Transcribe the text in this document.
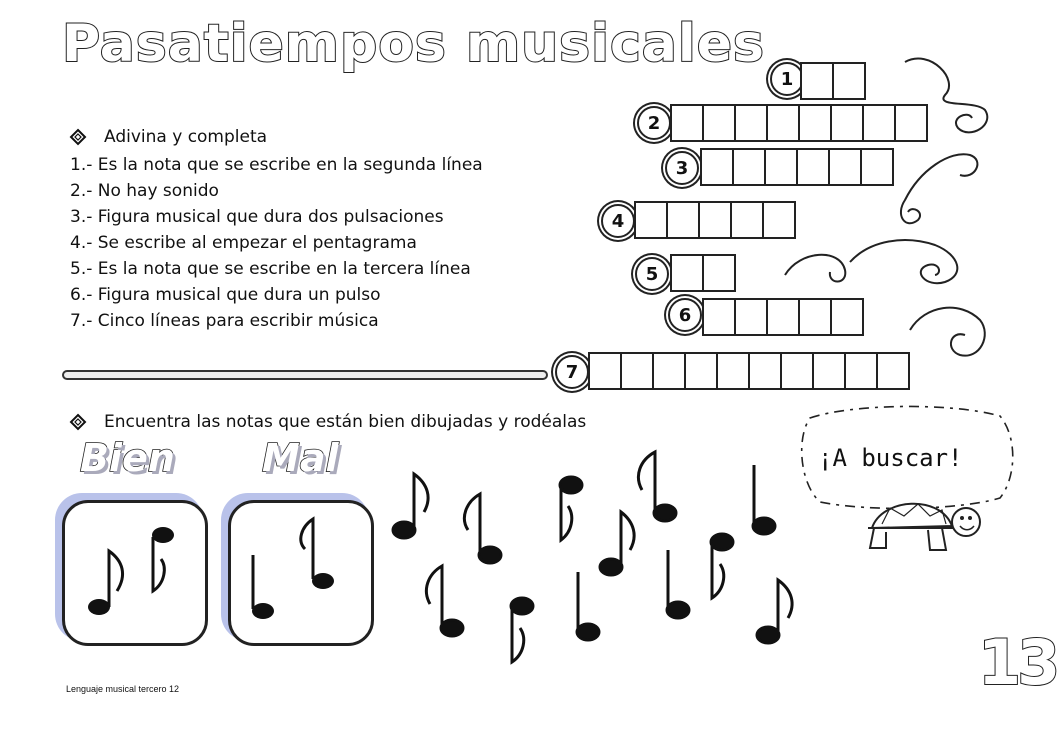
Pasatiempos musicales
Adivina y completa
1.- Es la nota que se escribe en la segunda línea
2.- No hay sonido
3.- Figura musical que dura dos pulsaciones
4.- Se escribe al empezar el pentagrama
5.- Es la nota que se escribe en la tercera línea
6.- Figura musical que dura un pulso
7.- Cinco líneas para escribir música
1
2
3
4
5
6
7
Encuentra las notas que están bien dibujadas y rodéalas
Bien Mal	¡A buscar!
Lenguaje musical tercero 12	13
